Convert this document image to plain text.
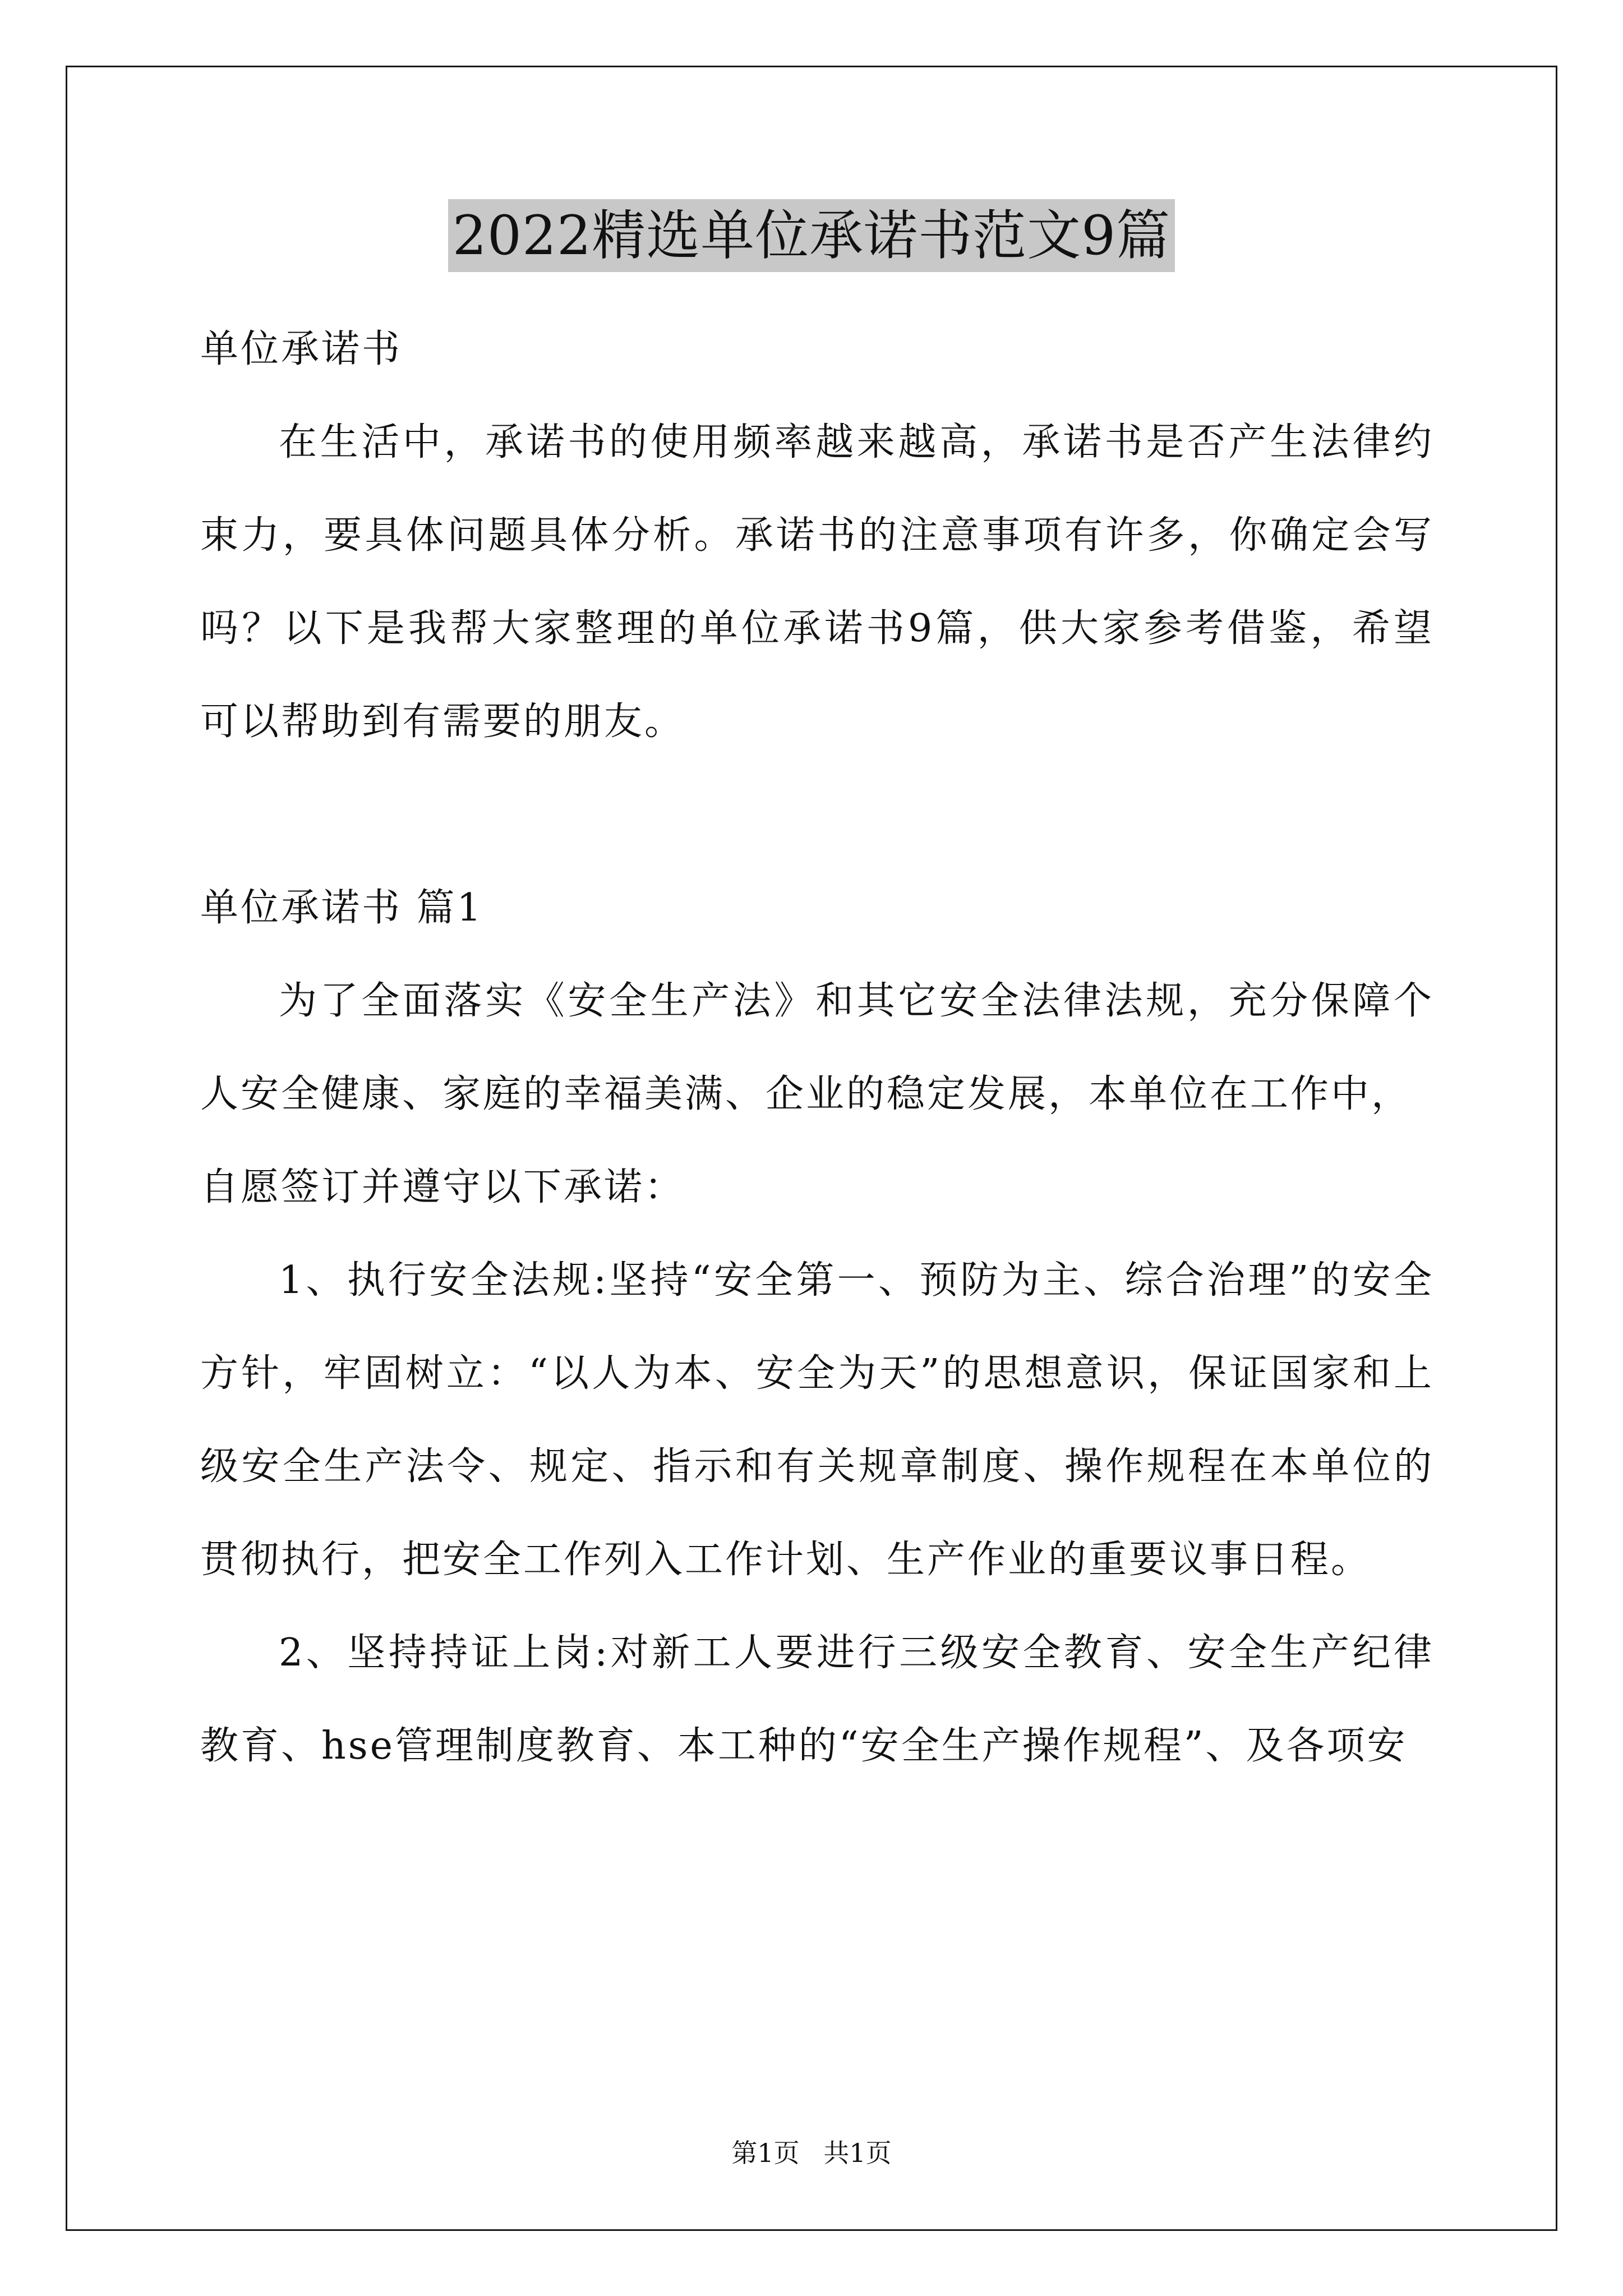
2022精选单位承诺书范文9篇

单位承诺书

在生活中，承诺书的使用频率越来越高，承诺书是否产生法律约束力，要具体问题具体分析。承诺书的注意事项有许多，你确定会写吗？以下是我帮大家整理的单位承诺书9篇，供大家参考借鉴，希望可以帮助到有需要的朋友。

单位承诺书 篇1

为了全面落实《安全生产法》和其它安全法律法规，充分保障个人安全健康、家庭的幸福美满、企业的稳定发展，本单位在工作中，

自愿签订并遵守以下承诺：

1、执行安全法规:坚持“安全第一、预防为主、综合治理”的安全方针，牢固树立：“以人为本、安全为天”的思想意识，保证国家和上级安全生产法令、规定、指示和有关规章制度、操作规程在本单位的贯彻执行，把安全工作列入工作计划、生产作业的重要议事日程。

2、坚持持证上岗:对新工人要进行三级安全教育、安全生产纪律教育、hse管理制度教育、本工种的“安全生产操作规程”、及各项安

第1页 共1页
